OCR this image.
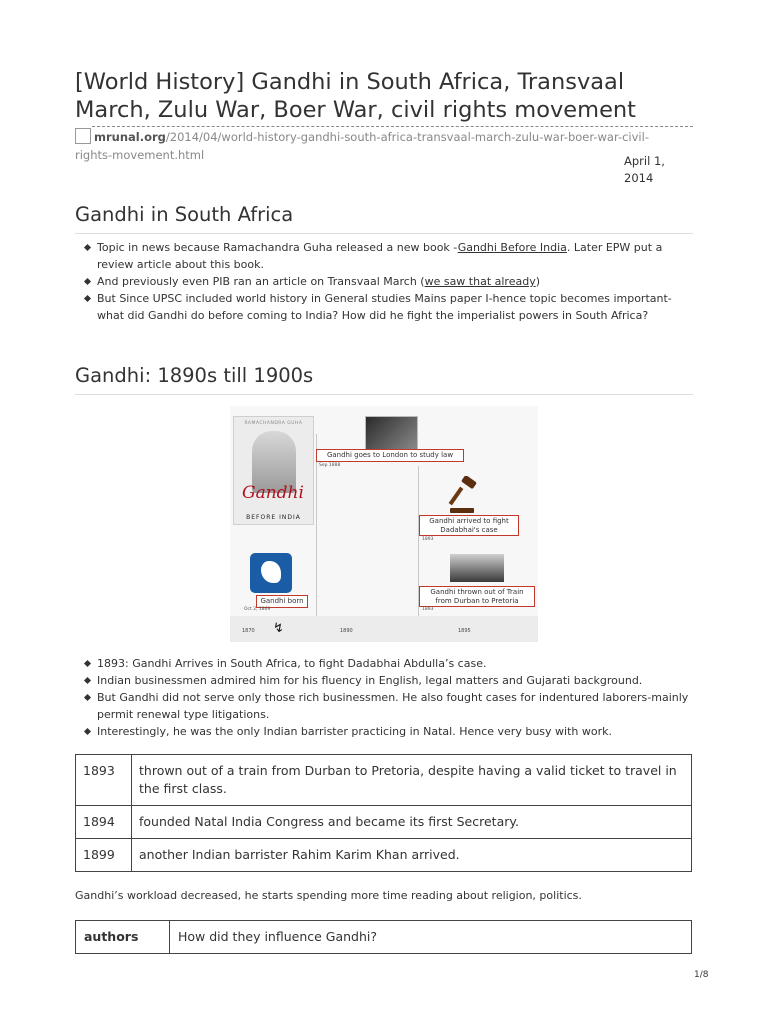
[World History] Gandhi in South Africa, Transvaal March, Zulu War, Boer War, civil rights movement
mrunal.org/2014/04/world-history-gandhi-south-africa-transvaal-march-zulu-war-boer-war-civil-rights-movement.html	April 1, 2014
Gandhi in South Africa
Topic in news because Ramachandra Guha released a new book -Gandhi Before India. Later EPW put a review article about this book.
And previously even PIB ran an article on Transvaal March (we saw that already)
But Since UPSC included world history in General studies Mains paper I-hence topic becomes important- what did Gandhi do before coming to India? How did he fight the imperialist powers in South Africa?
Gandhi: 1890s till 1900s
RAMACHANDRA GUHA
Gandhi
BEFORE INDIA
Gandhi goes to London to study law
Sep 1888
Gandhi arrived to fight Dadabhai's case
1893
Gandhi thrown out of Train from Durban to Pretoria
1893
Gandhi born
Oct 2, 1869
1870	1890	1895
↯
1893: Gandhi Arrives in South Africa, to fight Dadabhai Abdulla’s case.
Indian businessmen admired him for his fluency in English, legal matters and Gujarati background.
But Gandhi did not serve only those rich businessmen. He also fought cases for indentured laborers-mainly permit renewal type litigations.
Interestingly, he was the only Indian barrister practicing in Natal. Hence very busy with work.
1893	thrown out of a train from Durban to Pretoria, despite having a valid ticket to travel in the first class.
1894	founded Natal India Congress and became its first Secretary.
1899	another Indian barrister Rahim Karim Khan arrived.
Gandhi’s workload decreased, he starts spending more time reading about religion, politics.
authors	How did they influence Gandhi?
1/8
